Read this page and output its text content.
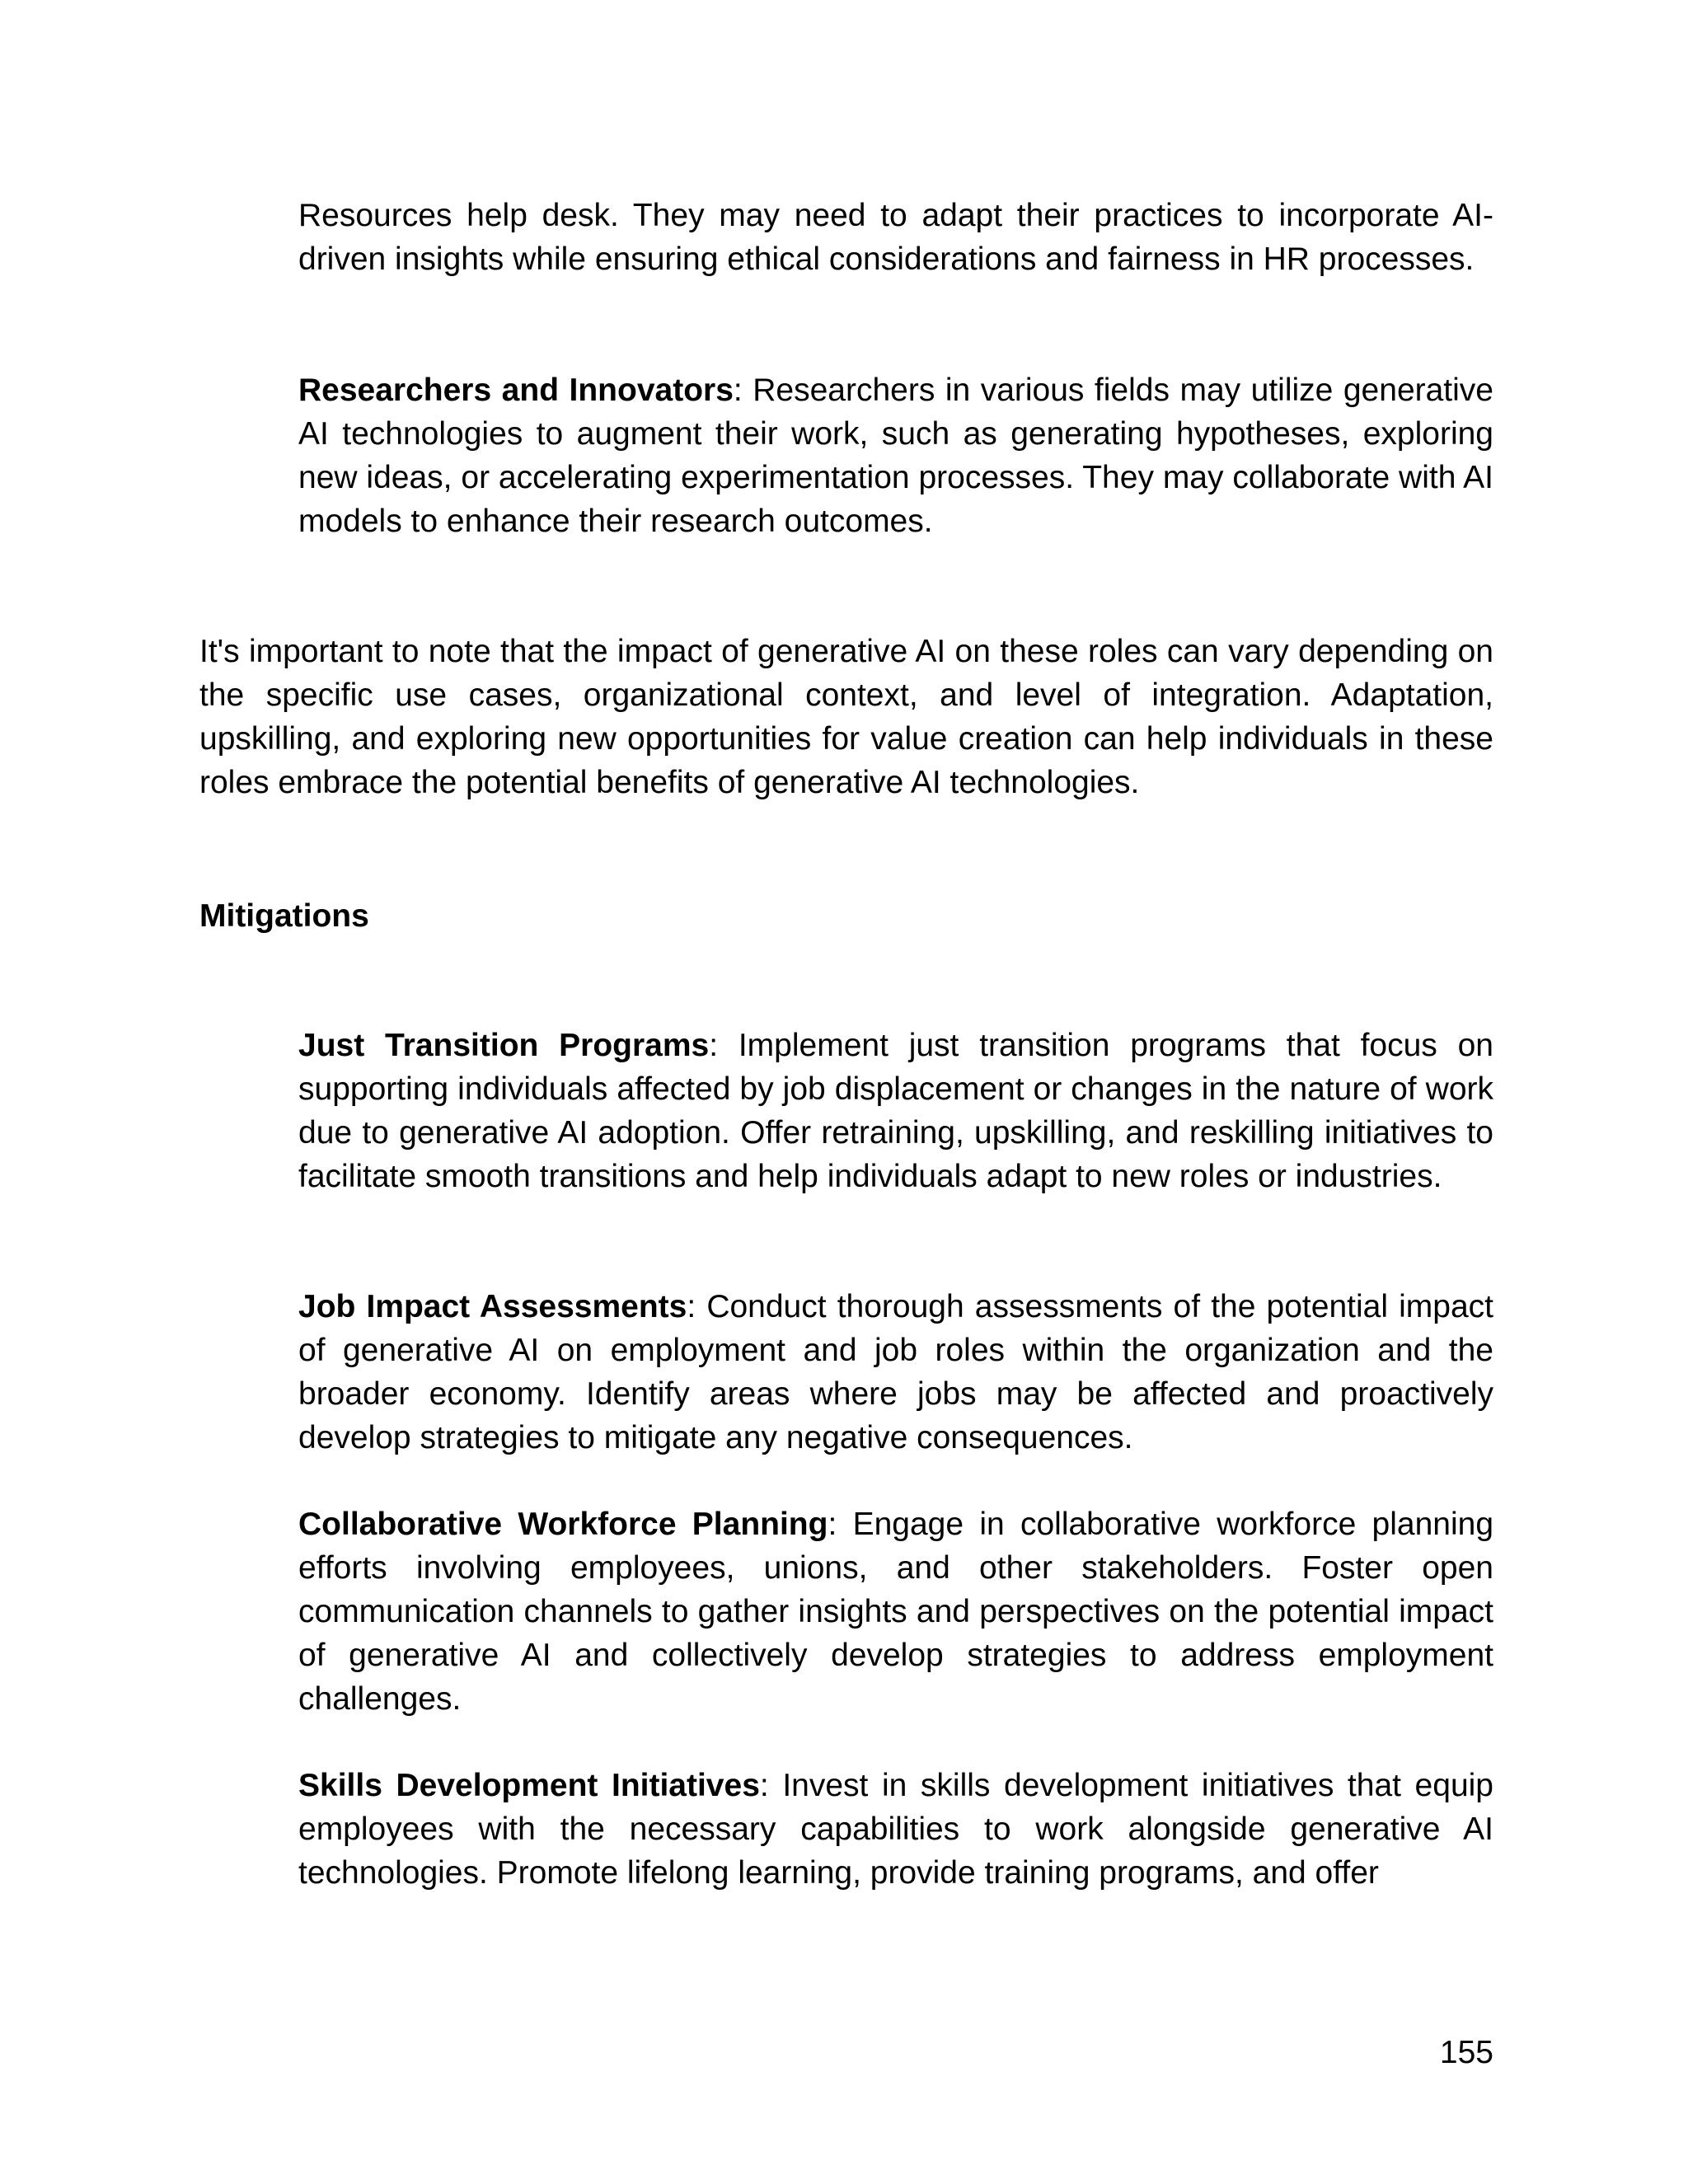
Resources help desk. They may need to adapt their practices to incorporate AI-driven insights while ensuring ethical considerations and fairness in HR processes.

Researchers and Innovators: Researchers in various fields may utilize generative AI technologies to augment their work, such as generating hypotheses, exploring new ideas, or accelerating experimentation processes. They may collaborate with AI models to enhance their research outcomes.

It's important to note that the impact of generative AI on these roles can vary depending on the specific use cases, organizational context, and level of integration. Adaptation, upskilling, and exploring new opportunities for value creation can help individuals in these roles embrace the potential benefits of generative AI technologies.

Mitigations

Just Transition Programs: Implement just transition programs that focus on supporting individuals affected by job displacement or changes in the nature of work due to generative AI adoption. Offer retraining, upskilling, and reskilling initiatives to facilitate smooth transitions and help individuals adapt to new roles or industries.

Job Impact Assessments: Conduct thorough assessments of the potential impact of generative AI on employment and job roles within the organization and the broader economy. Identify areas where jobs may be affected and proactively develop strategies to mitigate any negative consequences.

Collaborative Workforce Planning: Engage in collaborative workforce planning efforts involving employees, unions, and other stakeholders. Foster open communication channels to gather insights and perspectives on the potential impact of generative AI and collectively develop strategies to address employment challenges.

Skills Development Initiatives: Invest in skills development initiatives that equip employees with the necessary capabilities to work alongside generative AI technologies. Promote lifelong learning, provide training programs, and offer

155
